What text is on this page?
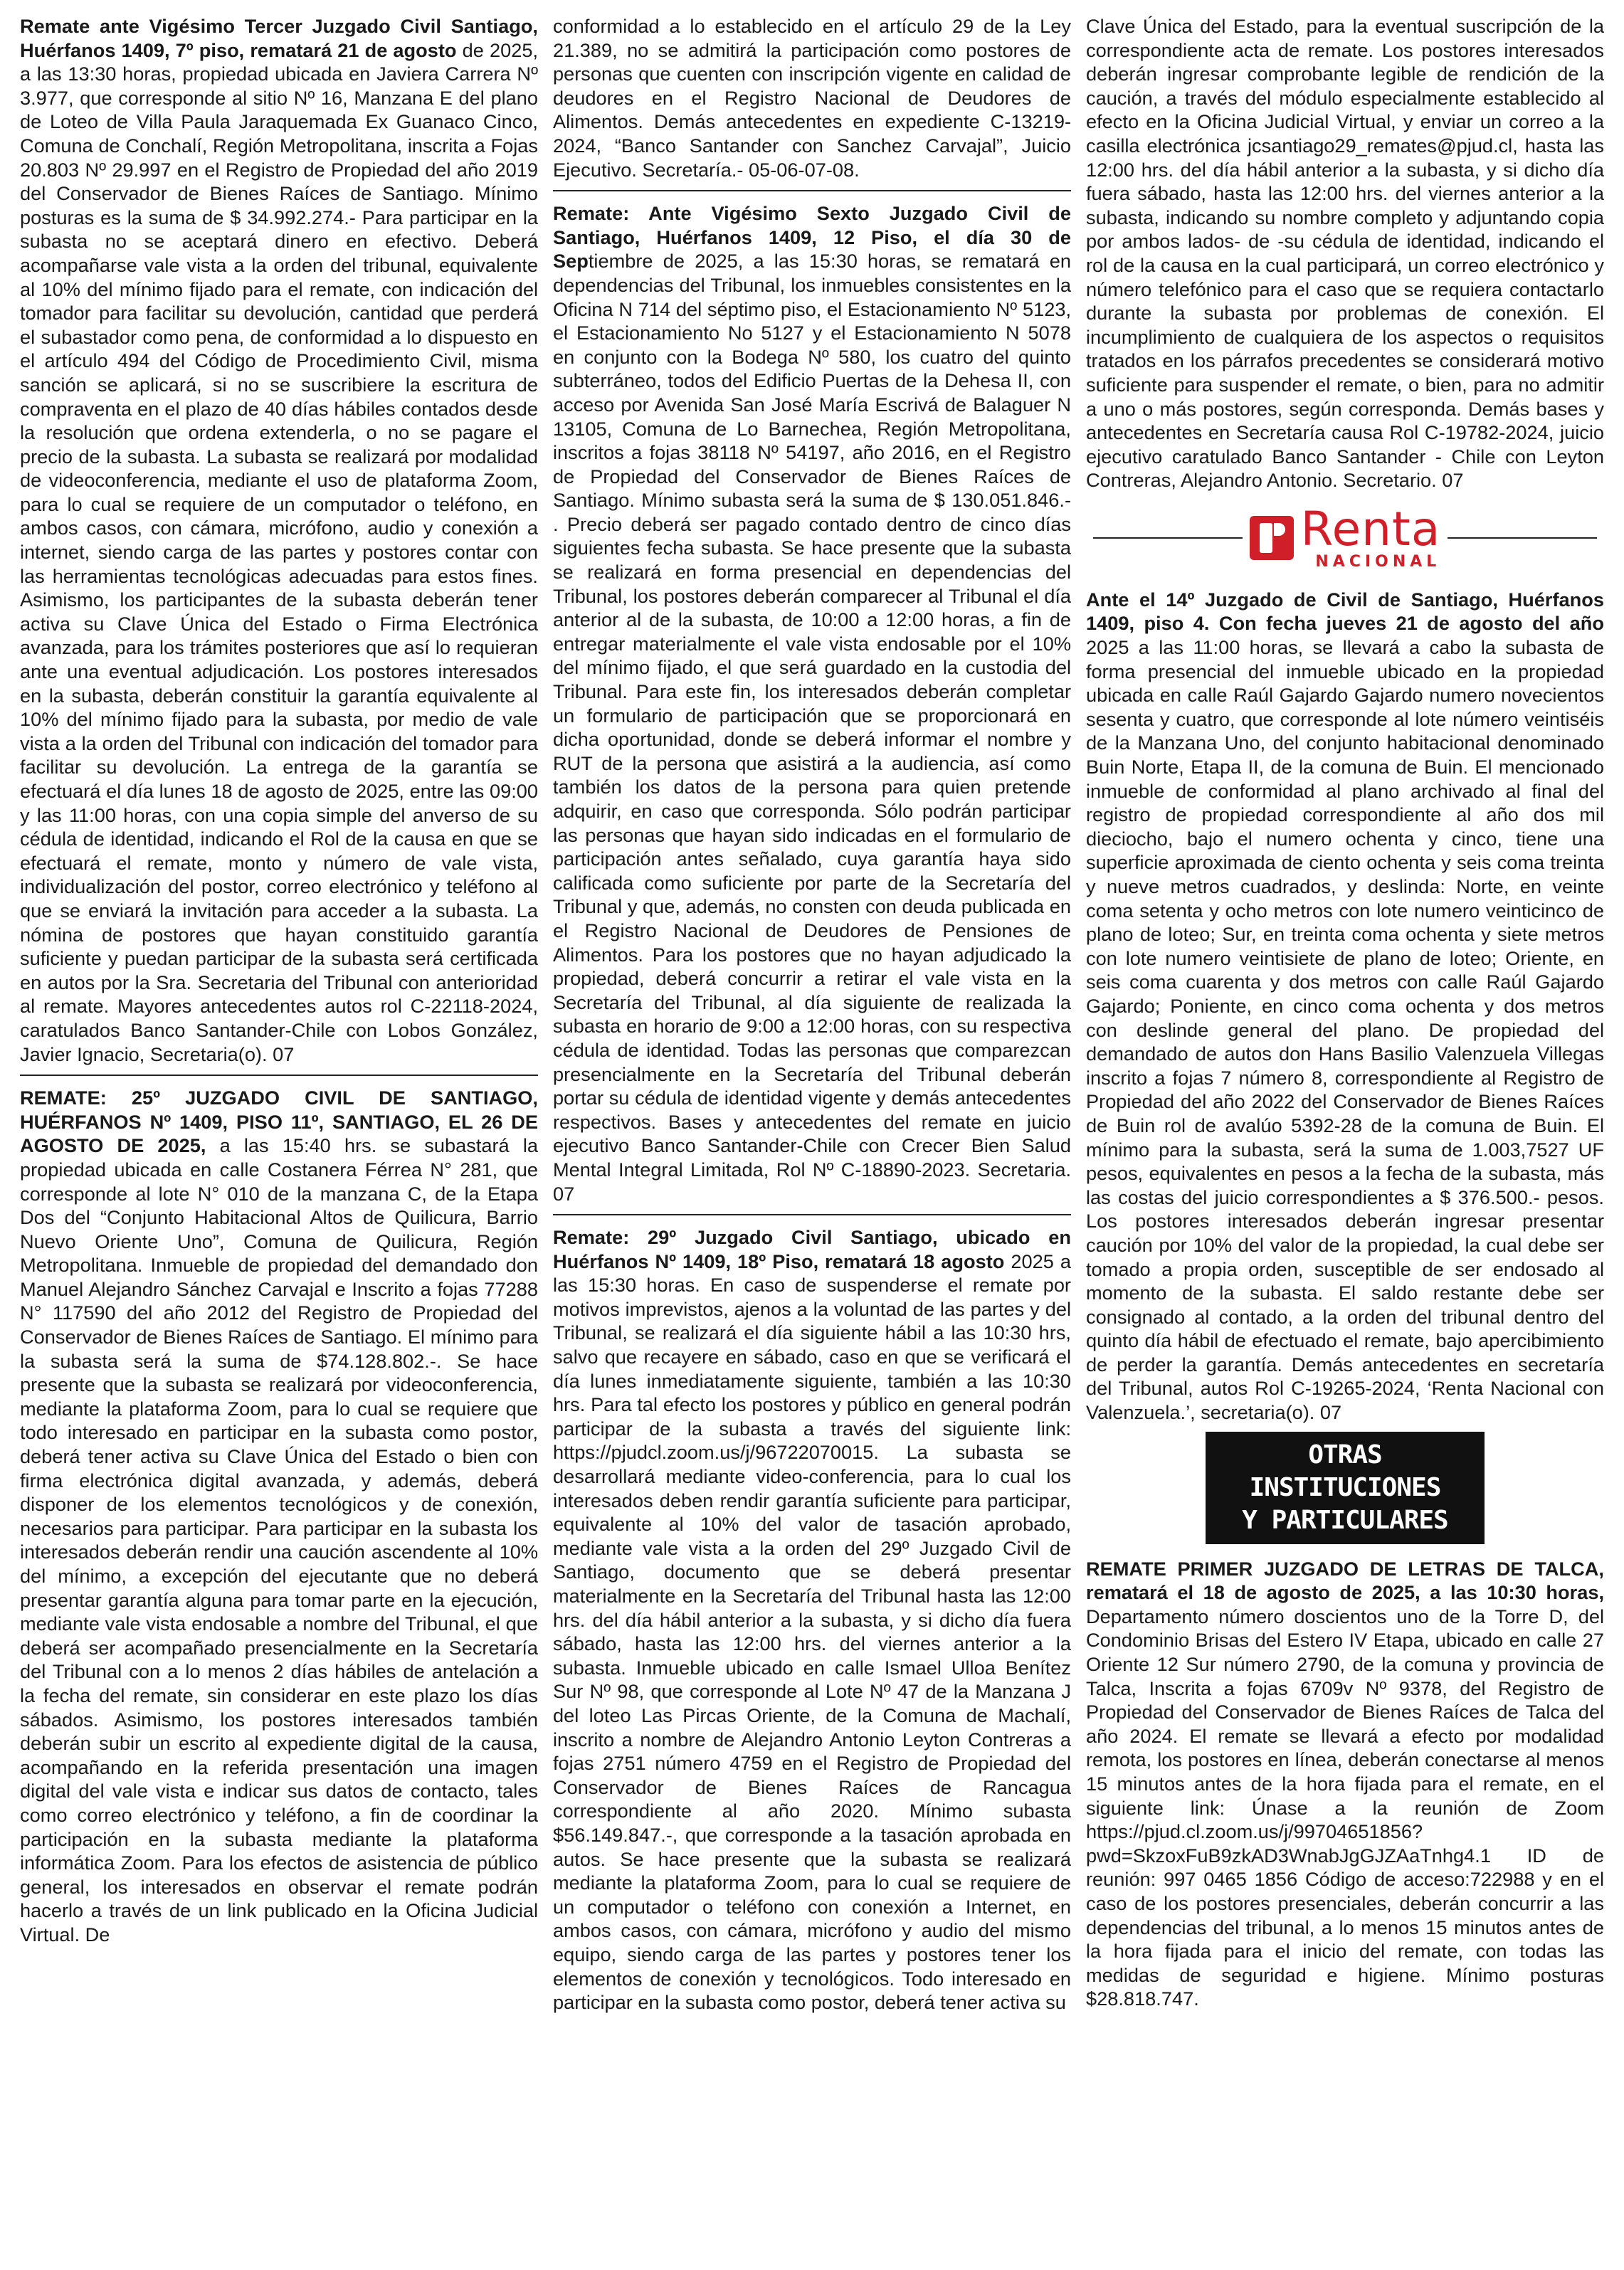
Remate ante Vigésimo Tercer Juzgado Civil Santiago, Huérfanos 1409, 7º piso, rematará 21 de agosto de 2025, a las 13:30 horas, propiedad ubicada en Javiera Carrera Nº 3.977, que corresponde al sitio Nº 16, Manzana E del plano de Loteo de Villa Paula Jaraquemada Ex Guanaco Cinco, Comuna de Conchalí, Región Metropolitana, inscrita a Fojas 20.803 Nº 29.997 en el Registro de Propiedad del año 2019 del Conservador de Bienes Raíces de Santiago. Mínimo posturas es la suma de $ 34.992.274.- Para participar en la subasta no se aceptará dinero en efectivo. Deberá acompañarse vale vista a la orden del tribunal, equivalente al 10% del mínimo fijado para el remate, con indicación del tomador para facilitar su devolución, cantidad que perderá el subastador como pena, de conformidad a lo dispuesto en el artículo 494 del Código de Procedimiento Civil, misma sanción se aplicará, si no se suscribiere la escritura de compraventa en el plazo de 40 días hábiles contados desde la resolución que ordena extenderla, o no se pagare el precio de la subasta. La subasta se realizará por modalidad de videoconferencia, mediante el uso de plataforma Zoom, para lo cual se requiere de un computador o teléfono, en ambos casos, con cámara, micrófono, audio y conexión a internet, siendo carga de las partes y postores contar con las herramientas tecnológicas adecuadas para estos fines. Asimismo, los participantes de la subasta deberán tener activa su Clave Única del Estado o Firma Electrónica avanzada, para los trámites posteriores que así lo requieran ante una eventual adjudicación. Los postores interesados en la subasta, deberán constituir la garantía equivalente al 10% del mínimo fijado para la subasta, por medio de vale vista a la orden del Tribunal con indicación del tomador para facilitar su devolución. La entrega de la garantía se efectuará el día lunes 18 de agosto de 2025, entre las 09:00 y las 11:00 horas, con una copia simple del anverso de su cédula de identidad, indicando el Rol de la causa en que se efectuará el remate, monto y número de vale vista, individualización del postor, correo electrónico y teléfono al que se enviará la invitación para acceder a la subasta. La nómina de postores que hayan constituido garantía suficiente y puedan participar de la subasta será certificada en autos por la Sra. Secretaria del Tribunal con anterioridad al remate. Mayores antecedentes autos rol C-22118-2024, caratulados Banco Santander-Chile con Lobos González, Javier Ignacio, Secretaria(o). 07

REMATE: 25º JUZGADO CIVIL DE SANTIAGO, HUÉRFANOS Nº 1409, PISO 11º, SANTIAGO, EL 26 DE AGOSTO DE 2025, a las 15:40 hrs. se subastará la propiedad ubicada en calle Costanera Férrea N° 281, que corresponde al lote N° 010 de la manzana C, de la Etapa Dos del “Conjunto Habitacional Altos de Quilicura, Barrio Nuevo Oriente Uno”, Comuna de Quilicura, Región Metropolitana. Inmueble de propiedad del demandado don Manuel Alejandro Sánchez Carvajal e Inscrito a fojas 77288 N° 117590 del año 2012 del Registro de Propiedad del Conservador de Bienes Raíces de Santiago. El mínimo para la subasta será la suma de $74.128.802.-. Se hace presente que la subasta se realizará por videoconferencia, mediante la plataforma Zoom, para lo cual se requiere que todo interesado en participar en la subasta como postor, deberá tener activa su Clave Única del Estado o bien con firma electrónica digital avanzada, y además, deberá disponer de los elementos tecnológicos y de conexión, necesarios para participar. Para participar en la subasta los interesados deberán rendir una caución ascendente al 10% del mínimo, a excepción del ejecutante que no deberá presentar garantía alguna para tomar parte en la ejecución, mediante vale vista endosable a nombre del Tribunal, el que deberá ser acompañado presencialmente en la Secretaría del Tribunal con a lo menos 2 días hábiles de antelación a la fecha del remate, sin considerar en este plazo los días sábados. Asimismo, los postores interesados también deberán subir un escrito al expediente digital de la causa, acompañando en la referida presentación una imagen digital del vale vista e indicar sus datos de contacto, tales como correo electrónico y teléfono, a fin de coordinar la participación en la subasta mediante la plataforma informática Zoom. Para los efectos de asistencia de público general, los interesados en observar el remate podrán hacerlo a través de un link publicado en la Oficina Judicial Virtual. De

conformidad a lo establecido en el artículo 29 de la Ley 21.389, no se admitirá la participación como postores de personas que cuenten con inscripción vigente en calidad de deudores en el Registro Nacional de Deudores de Alimentos. Demás antecedentes en expediente C-13219-2024, “Banco Santander con Sanchez Carvajal”, Juicio Ejecutivo. Secretaría.- 05-06-07-08.

Remate: Ante Vigésimo Sexto Juzgado Civil de Santiago, Huérfanos 1409, 12 Piso, el día 30 de Septiembre de 2025, a las 15:30 horas, se rematará en dependencias del Tribunal, los inmuebles consistentes en la Oficina N 714 del séptimo piso, el Estacionamiento Nº 5123, el Estacionamiento No 5127 y el Estacionamiento N 5078 en conjunto con la Bodega Nº 580, los cuatro del quinto subterráneo, todos del Edificio Puertas de la Dehesa II, con acceso por Avenida San José María Escrivá de Balaguer N 13105, Comuna de Lo Barnechea, Región Metropolitana, inscritos a fojas 38118 Nº 54197, año 2016, en el Registro de Propiedad del Conservador de Bienes Raíces de Santiago. Mínimo subasta será la suma de $ 130.051.846.- . Precio deberá ser pagado contado dentro de cinco días siguientes fecha subasta. Se hace presente que la subasta se realizará en forma presencial en dependencias del Tribunal, los postores deberán comparecer al Tribunal el día anterior al de la subasta, de 10:00 a 12:00 horas, a fin de entregar materialmente el vale vista endosable por el 10% del mínimo fijado, el que será guardado en la custodia del Tribunal. Para este fin, los interesados deberán completar un formulario de participación que se proporcionará en dicha oportunidad, donde se deberá informar el nombre y RUT de la persona que asistirá a la audiencia, así como también los datos de la persona para quien pretende adquirir, en caso que corresponda. Sólo podrán participar las personas que hayan sido indicadas en el formulario de participación antes señalado, cuya garantía haya sido calificada como suficiente por parte de la Secretaría del Tribunal y que, además, no consten con deuda publicada en el Registro Nacional de Deudores de Pensiones de Alimentos. Para los postores que no hayan adjudicado la propiedad, deberá concurrir a retirar el vale vista en la Secretaría del Tribunal, al día siguiente de realizada la subasta en horario de 9:00 a 12:00 horas, con su respectiva cédula de identidad. Todas las personas que comparezcan presencialmente en la Secretaría del Tribunal deberán portar su cédula de identidad vigente y demás antecedentes respectivos. Bases y antecedentes del remate en juicio ejecutivo Banco Santander-Chile con Crecer Bien Salud Mental Integral Limitada, Rol Nº C-18890-2023. Secretaria. 07

Remate: 29º Juzgado Civil Santiago, ubicado en Huérfanos Nº 1409, 18º Piso, rematará 18 agosto 2025 a las 15:30 horas. En caso de suspenderse el remate por motivos imprevistos, ajenos a la voluntad de las partes y del Tribunal, se realizará el día siguiente hábil a las 10:30 hrs, salvo que recayere en sábado, caso en que se verificará el día lunes inmediatamente siguiente, también a las 10:30 hrs. Para tal efecto los postores y público en general podrán participar de la subasta a través del siguiente link: https://pjudcl.zoom.us/j/96722070015. La subasta se desarrollará mediante video-conferencia, para lo cual los interesados deben rendir garantía suficiente para participar, equivalente al 10% del valor de tasación aprobado, mediante vale vista a la orden del 29º Juzgado Civil de Santiago, documento que se deberá presentar materialmente en la Secretaría del Tribunal hasta las 12:00 hrs. del día hábil anterior a la subasta, y si dicho día fuera sábado, hasta las 12:00 hrs. del viernes anterior a la subasta. Inmueble ubicado en calle Ismael Ulloa Benítez Sur Nº 98, que corresponde al Lote Nº 47 de la Manzana J del loteo Las Pircas Oriente, de la Comuna de Machalí, inscrito a nombre de Alejandro Antonio Leyton Contreras a fojas 2751 número 4759 en el Registro de Propiedad del Conservador de Bienes Raíces de Rancagua correspondiente al año 2020. Mínimo subasta $56.149.847.-, que corresponde a la tasación aprobada en autos. Se hace presente que la subasta se realizará mediante la plataforma Zoom, para lo cual se requiere de un computador o teléfono con conexión a Internet, en ambos casos, con cámara, micrófono y audio del mismo equipo, siendo carga de las partes y postores tener los elementos de conexión y tecnológicos. Todo interesado en participar en la subasta como postor, deberá tener activa su

Clave Única del Estado, para la eventual suscripción de la correspondiente acta de remate. Los postores interesados deberán ingresar comprobante legible de rendición de la caución, a través del módulo especialmente establecido al efecto en la Oficina Judicial Virtual, y enviar un correo a la casilla electrónica jcsantiago29_remates@pjud.cl, hasta las 12:00 hrs. del día hábil anterior a la subasta, y si dicho día fuera sábado, hasta las 12:00 hrs. del viernes anterior a la subasta, indicando su nombre completo y adjuntando copia por ambos lados- de -su cédula de identidad, indicando el rol de la causa en la cual participará, un correo electrónico y número telefónico para el caso que se requiera contactarlo durante la subasta por problemas de conexión. El incumplimiento de cualquiera de los aspectos o requisitos tratados en los párrafos precedentes se considerará motivo suficiente para suspender el remate, o bien, para no admitir a uno o más postores, según corresponda. Demás bases y antecedentes en Secretaría causa Rol C-19782-2024, juicio ejecutivo caratulado Banco Santander - Chile con Leyton Contreras, Alejandro Antonio. Secretario. 07

Renta
NACIONAL

Ante el 14º Juzgado de Civil de Santiago, Huérfanos 1409, piso 4. Con fecha jueves 21 de agosto del año 2025 a las 11:00 horas, se llevará a cabo la subasta de forma presencial del inmueble ubicado en la propiedad ubicada en calle Raúl Gajardo Gajardo numero novecientos sesenta y cuatro, que corresponde al lote número veintiséis de la Manzana Uno, del conjunto habitacional denominado Buin Norte, Etapa II, de la comuna de Buin. El mencionado inmueble de conformidad al plano archivado al final del registro de propiedad correspondiente al año dos mil dieciocho, bajo el numero ochenta y cinco, tiene una superficie aproximada de ciento ochenta y seis coma treinta y nueve metros cuadrados, y deslinda: Norte, en veinte coma setenta y ocho metros con lote numero veinticinco de plano de loteo; Sur, en treinta coma ochenta y siete metros con lote numero veintisiete de plano de loteo; Oriente, en seis coma cuarenta y dos metros con calle Raúl Gajardo Gajardo; Poniente, en cinco coma ochenta y dos metros con deslinde general del plano. De propiedad del demandado de autos don Hans Basilio Valenzuela Villegas inscrito a fojas 7 número 8, correspondiente al Registro de Propiedad del año 2022 del Conservador de Bienes Raíces de Buin rol de avalúo 5392-28 de la comuna de Buin. El mínimo para la subasta, será la suma de 1.003,7527 UF pesos, equivalentes en pesos a la fecha de la subasta, más las costas del juicio correspondientes a $ 376.500.- pesos. Los postores interesados deberán ingresar presentar caución por 10% del valor de la propiedad, la cual debe ser tomado a propia orden, susceptible de ser endosado al momento de la subasta. El saldo restante debe ser consignado al contado, a la orden del tribunal dentro del quinto día hábil de efectuado el remate, bajo apercibimiento de perder la garantía. Demás antecedentes en secretaría del Tribunal, autos Rol C-19265-2024, ‘Renta Nacional con Valenzuela.’, secretaria(o). 07

OTRAS INSTITUCIONES
Y PARTICULARES

REMATE PRIMER JUZGADO DE LETRAS DE TALCA, rematará el 18 de agosto de 2025, a las 10:30 horas, Departamento número doscientos uno de la Torre D, del Condominio Brisas del Estero IV Etapa, ubicado en calle 27 Oriente 12 Sur número 2790, de la comuna y provincia de Talca, Inscrita a fojas 6709v Nº 9378, del Registro de Propiedad del Conservador de Bienes Raíces de Talca del año 2024. El remate se llevará a efecto por modalidad remota, los postores en línea, deberán conectarse al menos 15 minutos antes de la hora fijada para el remate, en el siguiente link: Únase a la reunión de Zoom https://pjud.cl.zoom.us/j/99704651856?pwd=SkzoxFuB9zkAD3WnabJgGJZAaTnhg4.1 ID de reunión: 997 0465 1856 Código de acceso:722988 y en el caso de los postores presenciales, deberán concurrir a las dependencias del tribunal, a lo menos 15 minutos antes de la hora fijada para el inicio del remate, con todas las medidas de seguridad e higiene. Mínimo posturas $28.818.747.
